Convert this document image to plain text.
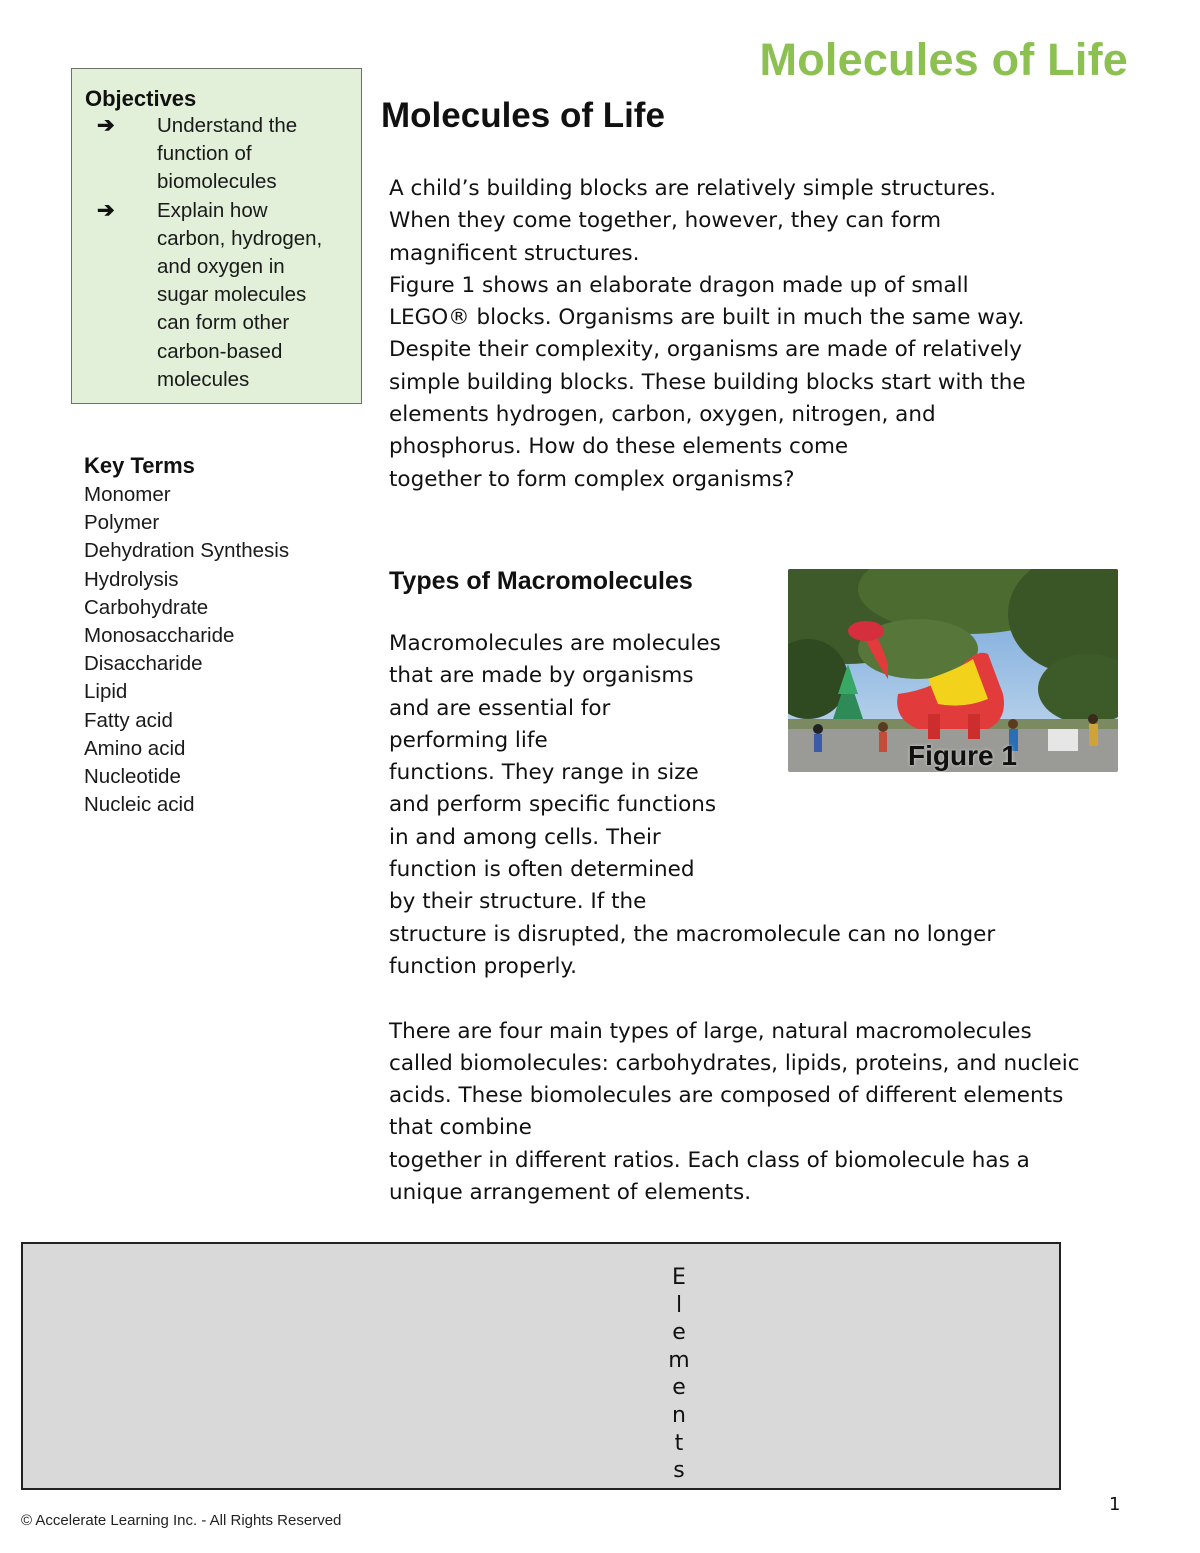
Molecules of Life
Objectives
➔	Understand the
function of
biomolecules
➔	Explain how
carbon, hydrogen,
and oxygen in
sugar molecules
can form other
carbon-based
molecules
Key Terms
Monomer
Polymer
Dehydration Synthesis
Hydrolysis
Carbohydrate
Monosaccharide
Disaccharide
Lipid
Fatty acid
Amino acid
Nucleotide
Nucleic acid
Molecules of Life

A child’s building blocks are relatively simple structures.

When they come together, however, they can form

magnificent structures.

Figure 1 shows an elaborate dragon made up of small

LEGO® blocks. Organisms are built in much the same way.

Despite their complexity, organisms are made of relatively

simple building blocks. These building blocks start with the

elements hydrogen, carbon, oxygen, nitrogen, and

phosphorus. How do these elements come

together to form complex organisms?

Types of Macromolecules
Figure 1

Macromolecules are molecules

that are made by organisms

and are essential for

performing life

functions. They range in size

and perform specific functions

in and among cells. Their

function is often determined

by their structure. If the

structure is disrupted, the macromolecule can no longer

function properly.

There are four main types of large, natural macromolecules

called biomolecules: carbohydrates, lipids, proteins, and nucleic

acids. These biomolecules are composed of different elements

that combine

together in different ratios. Each class of biomolecule has a

unique arrangement of elements.

E
l
e
m
e
n
t
s
1
© Accelerate Learning Inc. - All Rights Reserved
